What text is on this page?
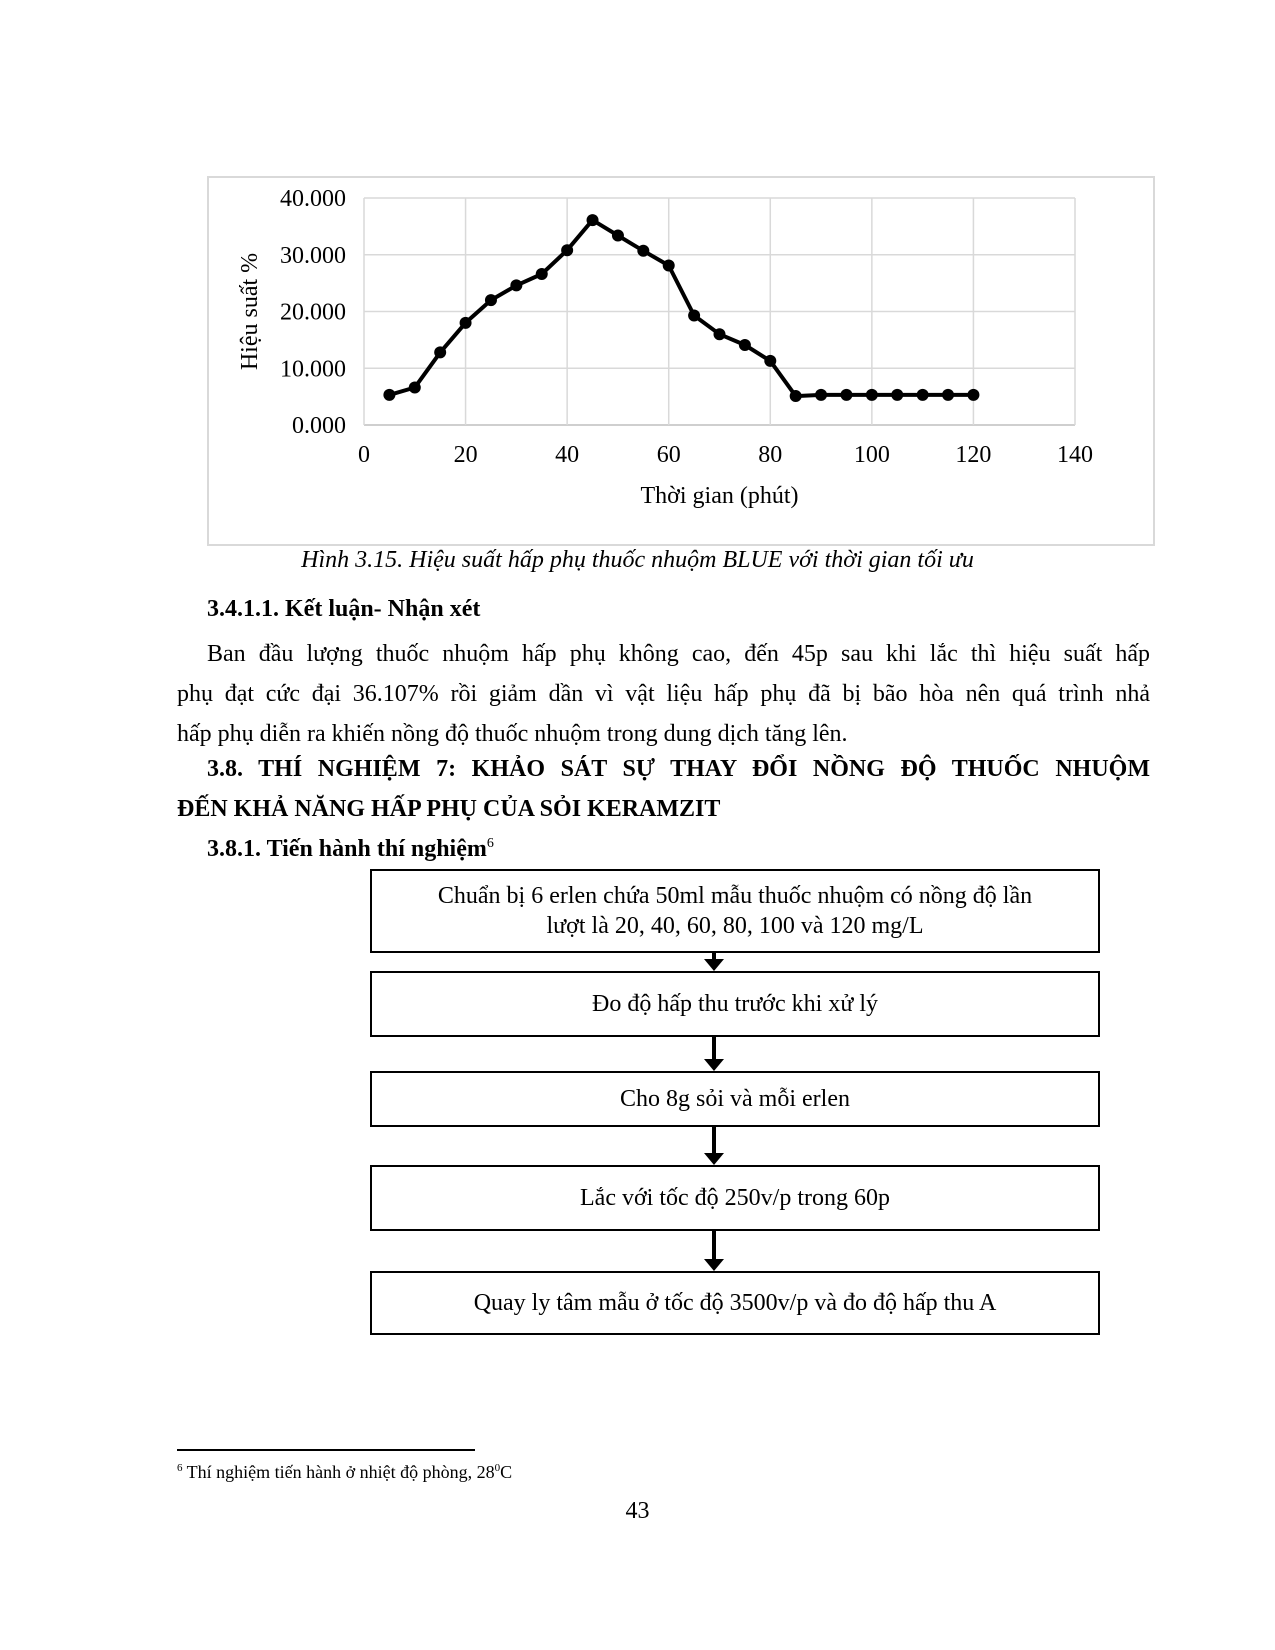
0.000
10.000
20.000
30.000
40.000
0	20	40	60	80	100	120	140
Thời gian (phút)
Hiệu suất %
Hình 3.15. Hiệu suất hấp phụ thuốc nhuộm BLUE với thời gian tối ưu
3.4.1.1. Kết luận- Nhận xét
Ban đầu lượng thuốc nhuộm hấp phụ không cao, đến 45p sau khi lắc thì hiệu suất hấp
phụ đạt cức đại 36.107% rồi giảm dần vì vật liệu hấp phụ đã bị bão hòa nên quá trình nhả
hấp phụ diễn ra khiến nồng độ thuốc nhuộm trong dung dịch tăng lên.
3.8. THÍ NGHIỆM 7: KHẢO SÁT SỰ THAY ĐỔI NỒNG ĐỘ THUỐC NHUỘM
ĐẾN KHẢ NĂNG HẤP PHỤ CỦA SỎI KERAMZIT
3.8.1. Tiến hành thí nghiệm$^6$
Chuẩn bị 6 erlen chứa 50ml mẫu thuốc nhuộm có nồng độ lần
lượt là 20, 40, 60, 80, 100 và 120 mg/L
Đo độ hấp thu trước khi xử lý
Cho 8g sỏi và mỗi erlen
Lắc với tốc độ 250v/p trong 60p
Quay ly tâm mẫu ở tốc độ 3500v/p và đo độ hấp thu A
$^6$ Thí nghiệm tiến hành ở nhiệt độ phòng, $28^0C$
43
